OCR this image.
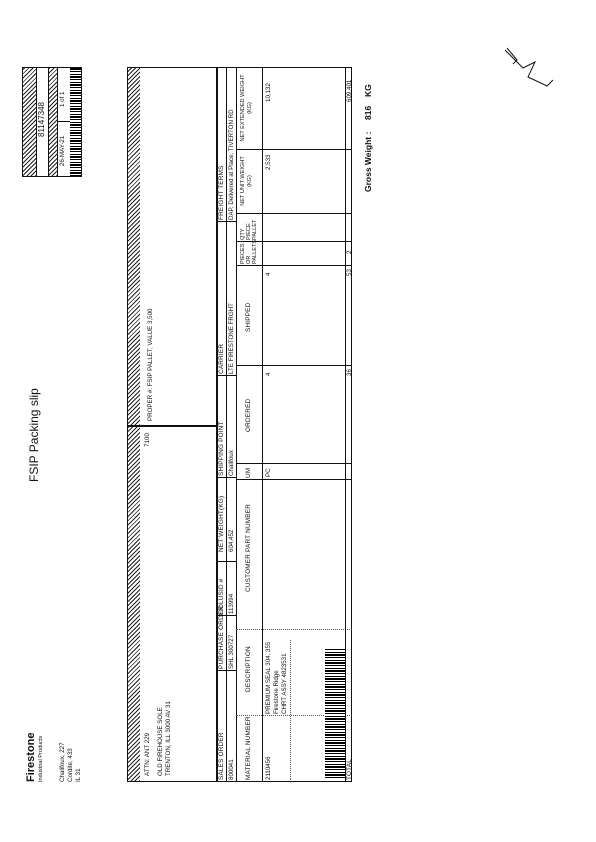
Firestone Industrial Products Chalifoux, 227 Cordite, 433 IL 31
FSIP Packing slip
81147348
26-MAY-21
1 of 1
ATTN: ANT 229 OLD FIREHOUSE SOLE TRENTON, ILL 3000 AV 31
7100
PROPER #: FSIP PALLET, VALUE 3,500
SALES ORDER
PURCHASE ORDER
DOLUSID #
NET WEIGHT(KG)
SHIPPING POINT
CARRIER
FREIGHT TERMS
800041
SHL 300727
113994
604,452
Chalifoux
LTE FIRESTONE FRGHT
DAP, Delivered at Place, TIVERTON RD
MATERIAL NUMBER
DESCRIPTION
CUSTOMER PART NUMBER
UM
ORDERED
SHIPPED
PIECES OR PALLETS
QTY PIECE PALLET
NET UNIT WEIGHT (KG)
NET EXTENDED WEIGHT (KG)
2110456
PREMIUM SEAL 304, 355 Firestone Ridge CHRT ASSY 4823531
PC
4
4
2,533
10,132
TOTAL
36
53
2
609,401
Gross Weight :
816
KG
